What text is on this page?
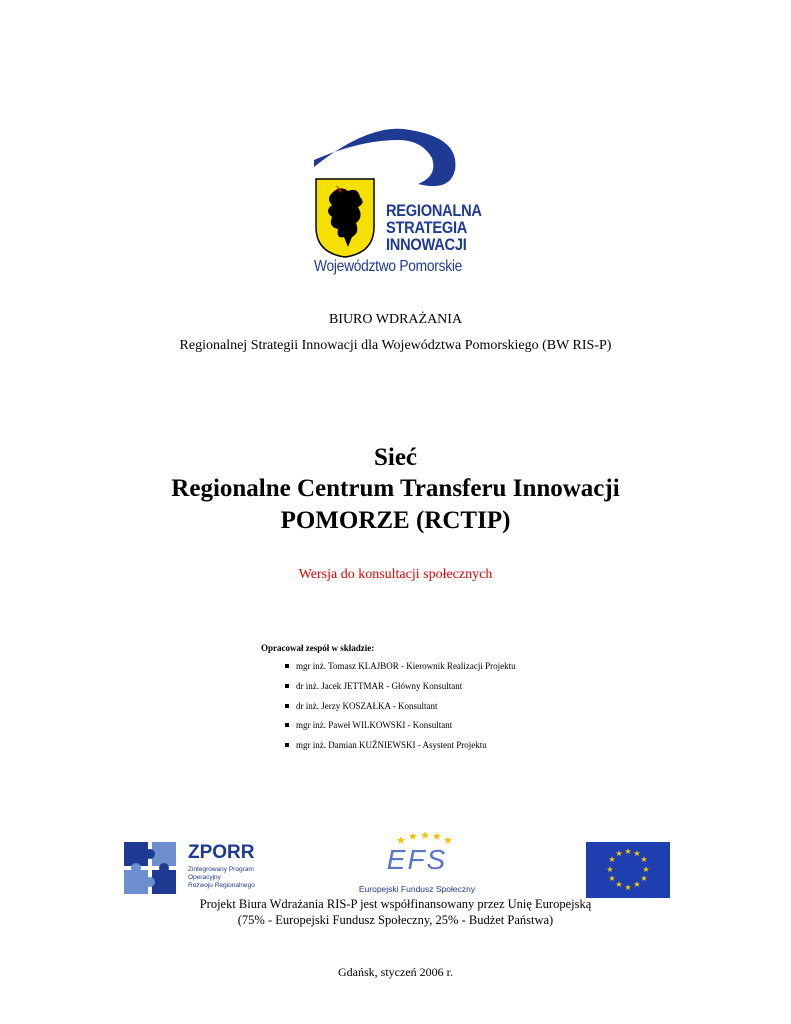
REGIONALNA
STRATEGIA
INNOWACJI
Województwo Pomorskie
BIURO WDRAŻANIA
Regionalnej Strategii Innowacji dla Województwa Pomorskiego (BW RIS-P)
Sieć
Regionalne Centrum Transferu Innowacji
POMORZE (RCTIP)
Wersja do konsultacji społecznych
Opracował zespół w składzie:
mgr inż. Tomasz KLAJBOR - Kierownik Realizacji Projektu
dr inż. Jacek JETTMAR - Główny Konsultant
dr inż. Jerzy KOSZAŁKA - Konsultant
mgr inż. Paweł WILKOWSKI - Konsultant
mgr inż. Damian KUŹNIEWSKI - Asystent Projektu
ZPORR
Zintegrowany Program
Operacyjny
Rozwoju Regionalnego
★ ★ ★ ★ ★
EFS
Europejski Fundusz Społeczny
★ ★
★
★
★
★
★
★
★
★
★
★
Projekt Biura Wdrażania RIS-P jest współfinansowany przez Unię Europejską
(75% - Europejski Fundusz Społeczny, 25% - Budżet Państwa)
Gdańsk, styczeń 2006 r.
